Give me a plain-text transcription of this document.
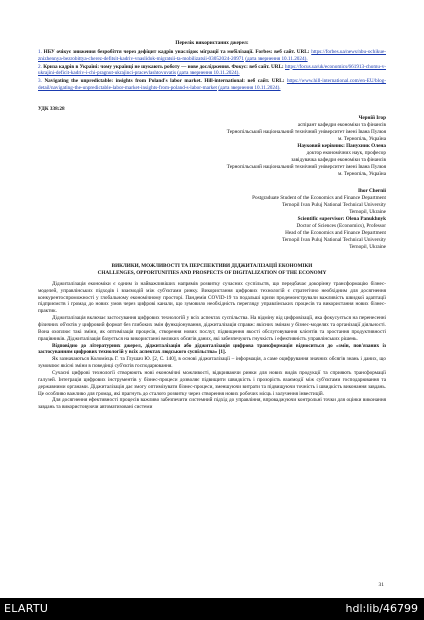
Перелік використаних джерел:
1. НБУ очікує зниження безробіття через дефіцит кадрів унаслідок міграції та мобілізації. Forbes: веб сайт. URL: https://forbes.ua/news/nbu-ochikue-znizhennya-bezrobittya-cherez-defitsit-kadriv-vnaslidok-migratsii-ta-mobilizatsii-03052024-20971 (дата звернення 10.11.2024).
2. Криза кадрів в Україні: чому українці не шукають роботу — нове дослідження. Фокус: веб сайт. URL: https://focus.ua/uk/economics/661913-chomu-v-ukrajini-deficit-kadriv-i-chi-pragnut-ukrajinci-pracevlashtovuvatis (дата звернення 10.11.2024).
3. Navigating the unpredictable: insights from Poland's labor market. Hill-international: веб сайт. URL: https://www.hill-international.com/en-EU/blog-detail/navigating-the-unpredictable-labor-market-insights-from-poland-s-labor-market (дата звернення 10.11.2024).
УДК 338:28
Черній Ігор
аспірант кафедри економіки та фінансів
Тернопільський національний технічний університет імені Івана Пулюя
м. Тернопіль, Україна
Науковий керівник: Панухник Олена
доктор економічних наук, професор
завідувачка кафедри економіки та фінансів
Тернопільський національний технічний університет імені Івана Пулюя
м. Тернопіль, Україна
Ihor Chernii
Postgraduate Student of the Economics and Finance Department
Ternopil Ivan Puluj National Technical University
Ternopil, Ukraine
Scientific supervisor: Olena Panukhnyk
Doctor of Sciences (Economics), Professor
Head of the Economics and Finance Department
Ternopil Ivan Puluj National Technical University
Ternopil, Ukraine
ВИКЛИКИ, МОЖЛИВОСТІ ТА ПЕРСПЕКТИВИ ДІДЖИТАЛІЗАЦІЇ ЕКОНОМІКИ
CHALLENGES, OPPORTUNITIES AND PROSPECTS OF DIGITALIZATION OF THE ECONOMY

Діджиталізація економіки є одним із найважливіших напрямів розвитку сучасних суспільств, що передбачає докорінну трансформацію бізнес-моделей, управлінських підходів і взаємодій між суб'єктами ринку. Використання цифрових технологій є стратегічно необхідним для досягнення конкурентоспроможності у глобальному економічному просторі. Пандемія COVID-19 та подальші кризи продемонстрували важливість швидкої адаптації підприємств і громад до нових умов через цифрові канали, що зумовило необхідність перегляду управлінських процесів та використання нових бізнес-практик.

Діджиталізація включає застосування цифрових технологій у всіх аспектах суспільства. На відміну від цифровізації, яка фокусується на перенесенні фізичних об'єктів у цифровий формат без глибоких змін функціонування, діджиталізація справж: якісних змінам у бізнес-моделях та організації діяльності. Вона охоплює такі зміни, як оптимізація процесів, створення нових послуг, підвищення якості обслуговування клієнтів та зростання продуктивності працівників. Діджиталізація базується на використанні великих обсягів даних, які забезпечують гнучкість і ефективність управлінських рішень.

Відповідно до літературних джерел, діджиталізація або діджиталізація цифрова трансформація відноситься до «змін, пов'язаних із застосуванням цифрових технологій у всіх аспектах людського суспільства» [1].

Як зазначаються Коломієць Г. та Глушач Ю. [2, С. 140], в основі діджиталізації – інформація, а саме оцифрування значних обсягів знань і даних, що зумовлює якісні зміни в поведінці суб'єктів господарювання.

Сучасні цифрові технології створюють нові економічні можливості, відкриваючи ринки для нових видів продукції та сприяють трансформації галузей. Інтеграція цифрових інструментів у бізнес-процеси дозволяє підвищити швидкість і прозорість взаємодії між суб'єктами господарювання та державними органами. Діджиталізація дає змогу оптимізувати бізнес-процеси, зменшуючи витрати та підвищуючи точність і швидкість виконання завдань. Це особливо важливо для громад, які прагнуть до сталого розвитку через створення нових робочих місць і залучення інвестицій.

Для досягнення ефективності процесів важливо забезпечити системний підхід до управління, впроваджуючи контрольні точки для оцінки виконання завдань та використовуючи автоматизовані системи

31
ELARTU	hdl:lib/46799
